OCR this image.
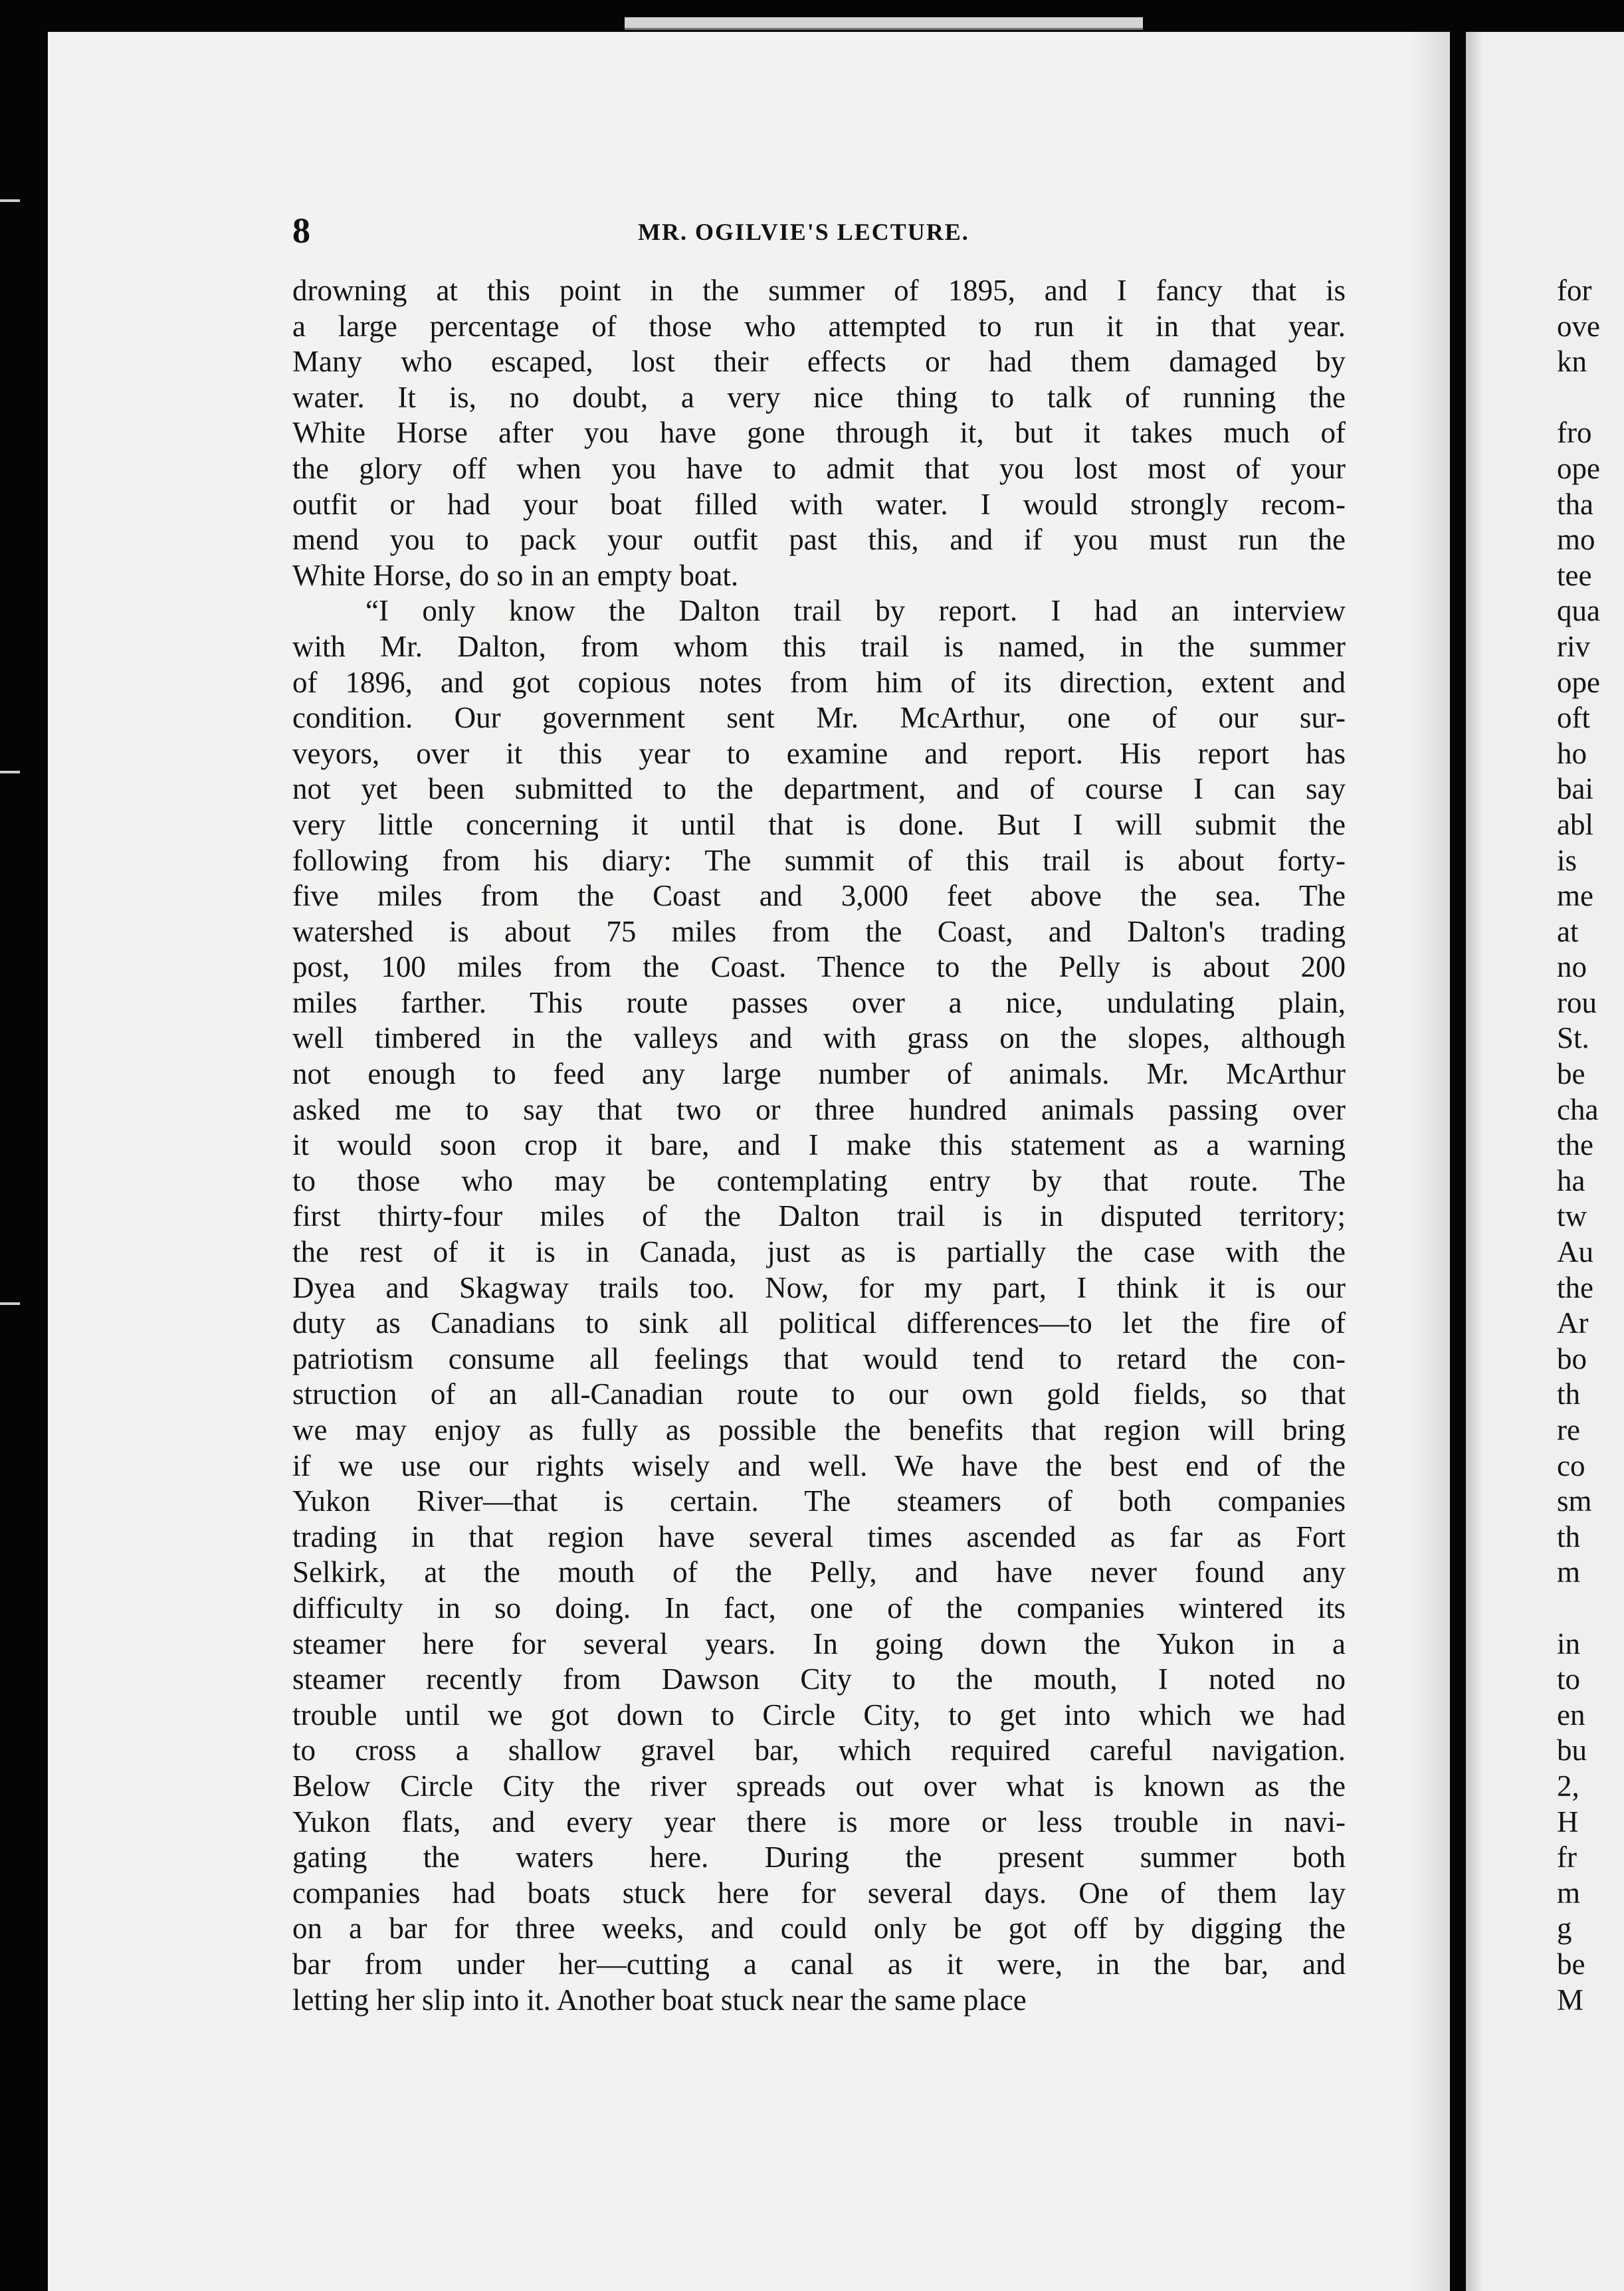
8	MR. OGILVIE'S LECTURE.
drowning at this point in the summer of 1895, and I fancy that is
a large percentage of those who attempted to run it in that year.
Many who escaped, lost their effects or had them damaged by
water. It is, no doubt, a very nice thing to talk of running the
White Horse after you have gone through it, but it takes much of
the glory off when you have to admit that you lost most of your
outfit or had your boat filled with water. I would strongly recom-
mend you to pack your outfit past this, and if you must run the
White Horse, do so in an empty boat.
“I only know the Dalton trail by report. I had an interview
with Mr. Dalton, from whom this trail is named, in the summer
of 1896, and got copious notes from him of its direction, extent and
condition. Our government sent Mr. McArthur, one of our sur-
veyors, over it this year to examine and report. His report has
not yet been submitted to the department, and of course I can say
very little concerning it until that is done. But I will submit the
following from his diary: The summit of this trail is about forty-
five miles from the Coast and 3,000 feet above the sea. The
watershed is about 75 miles from the Coast, and Dalton's trading
post, 100 miles from the Coast. Thence to the Pelly is about 200
miles farther. This route passes over a nice, undulating plain,
well timbered in the valleys and with grass on the slopes, although
not enough to feed any large number of animals. Mr. McArthur
asked me to say that two or three hundred animals passing over
it would soon crop it bare, and I make this statement as a warning
to those who may be contemplating entry by that route. The
first thirty-four miles of the Dalton trail is in disputed territory;
the rest of it is in Canada, just as is partially the case with the
Dyea and Skagway trails too. Now, for my part, I think it is our
duty as Canadians to sink all political differences—to let the fire of
patriotism consume all feelings that would tend to retard the con-
struction of an all-Canadian route to our own gold fields, so that
we may enjoy as fully as possible the benefits that region will bring
if we use our rights wisely and well. We have the best end of the
Yukon River—that is certain. The steamers of both companies
trading in that region have several times ascended as far as Fort
Selkirk, at the mouth of the Pelly, and have never found any
difficulty in so doing. In fact, one of the companies wintered its
steamer here for several years. In going down the Yukon in a
steamer recently from Dawson City to the mouth, I noted no
trouble until we got down to Circle City, to get into which we had
to cross a shallow gravel bar, which required careful navigation.
Below Circle City the river spreads out over what is known as the
Yukon flats, and every year there is more or less trouble in navi-
gating the waters here. During the present summer both
companies had boats stuck here for several days. One of them lay
on a bar for three weeks, and could only be got off by digging the
bar from under her—cutting a canal as it were, in the bar, and
letting her slip into it. Another boat stuck near the same place
for
ove
kn
fro
ope
tha
mo
tee
qua
riv
ope
oft
ho
bai
abl
is
me
at
no
rou
St.
be
cha
the
ha
tw
Au
the
Ar
bo
th
re
co
sm
th
m
in
to
en
bu
2,
H
fr
m
g
be
M
